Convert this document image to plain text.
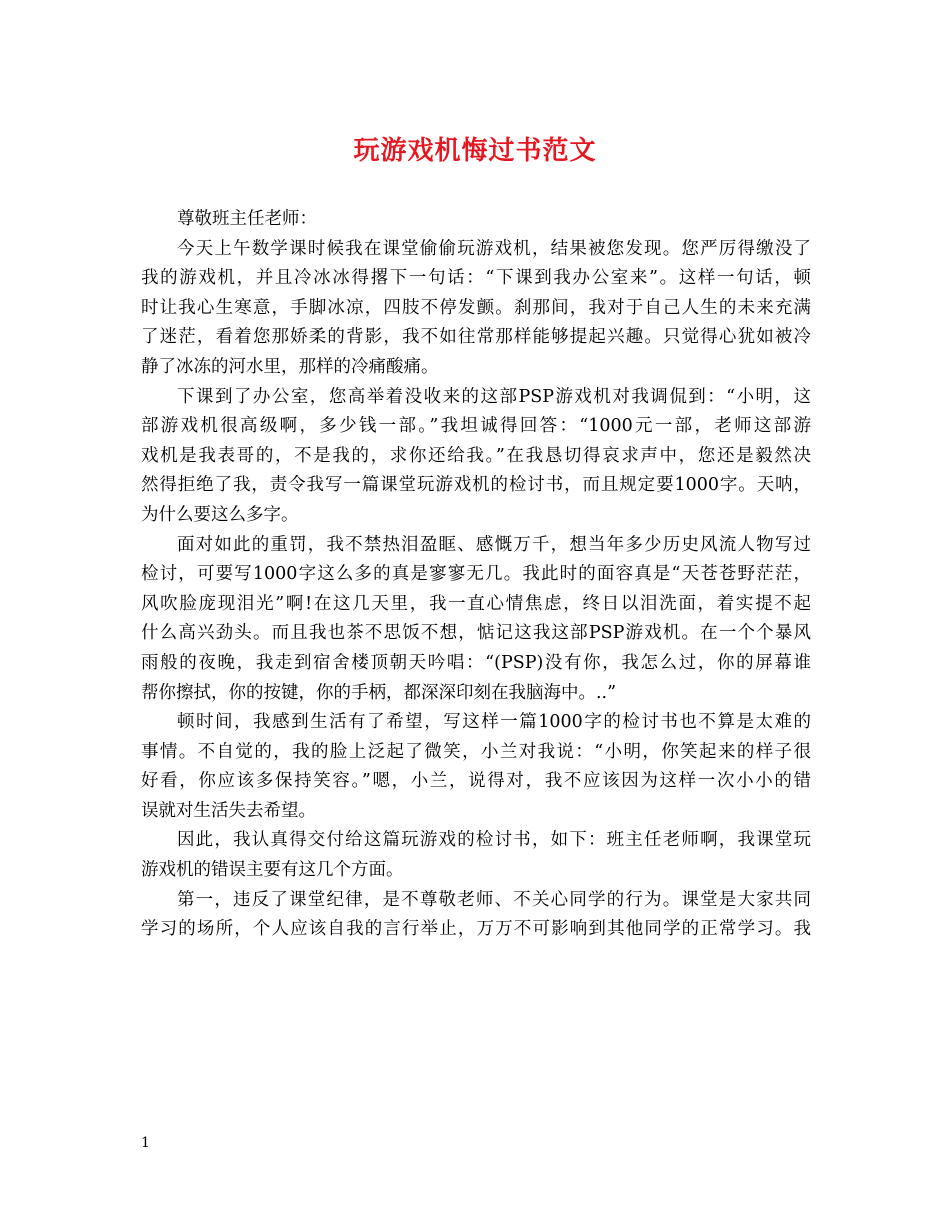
玩游戏机悔过书范文
尊敬班主任老师：
今天上午数学课时候我在课堂偷偷玩游戏机，结果被您发现。您严厉得缴没了
我的游戏机，并且冷冰冰得撂下一句话：“下课到我办公室来”。这样一句话，顿
时让我心生寒意，手脚冰凉，四肢不停发颤。刹那间，我对于自己人生的未来充满
了迷茫，看着您那娇柔的背影，我不如往常那样能够提起兴趣。只觉得心犹如被冷
静了冰冻的河水里，那样的冷痛酸痛。
下课到了办公室，您高举着没收来的这部PSP游戏机对我调侃到：“小明，这
部游戏机很高级啊，多少钱一部。”我坦诚得回答：“1000元一部，老师这部游
戏机是我表哥的，不是我的，求你还给我。”在我恳切得哀求声中，您还是毅然决
然得拒绝了我，责令我写一篇课堂玩游戏机的检讨书，而且规定要1000字。天呐，
为什么要这么多字。
面对如此的重罚，我不禁热泪盈眶、感慨万千，想当年多少历史风流人物写过
检讨，可要写1000字这么多的真是寥寥无几。我此时的面容真是“天苍苍野茫茫，
风吹脸庞现泪光”啊!在这几天里，我一直心情焦虑，终日以泪洗面，着实提不起
什么高兴劲头。而且我也茶不思饭不想，惦记这我这部PSP游戏机。在一个个暴风
雨般的夜晚，我走到宿舍楼顶朝天吟唱：“(PSP)没有你，我怎么过，你的屏幕谁
帮你擦拭，你的按键，你的手柄，都深深印刻在我脑海中。..”
顿时间，我感到生活有了希望，写这样一篇1000字的检讨书也不算是太难的
事情。不自觉的，我的脸上泛起了微笑，小兰对我说：“小明，你笑起来的样子很
好看，你应该多保持笑容。”嗯，小兰，说得对，我不应该因为这样一次小小的错
误就对生活失去希望。
因此，我认真得交付给这篇玩游戏的检讨书，如下：班主任老师啊，我课堂玩
游戏机的错误主要有这几个方面。
第一，违反了课堂纪律，是不尊敬老师、不关心同学的行为。课堂是大家共同
学习的场所，个人应该自我的言行举止，万万不可影响到其他同学的正常学习。我
1
